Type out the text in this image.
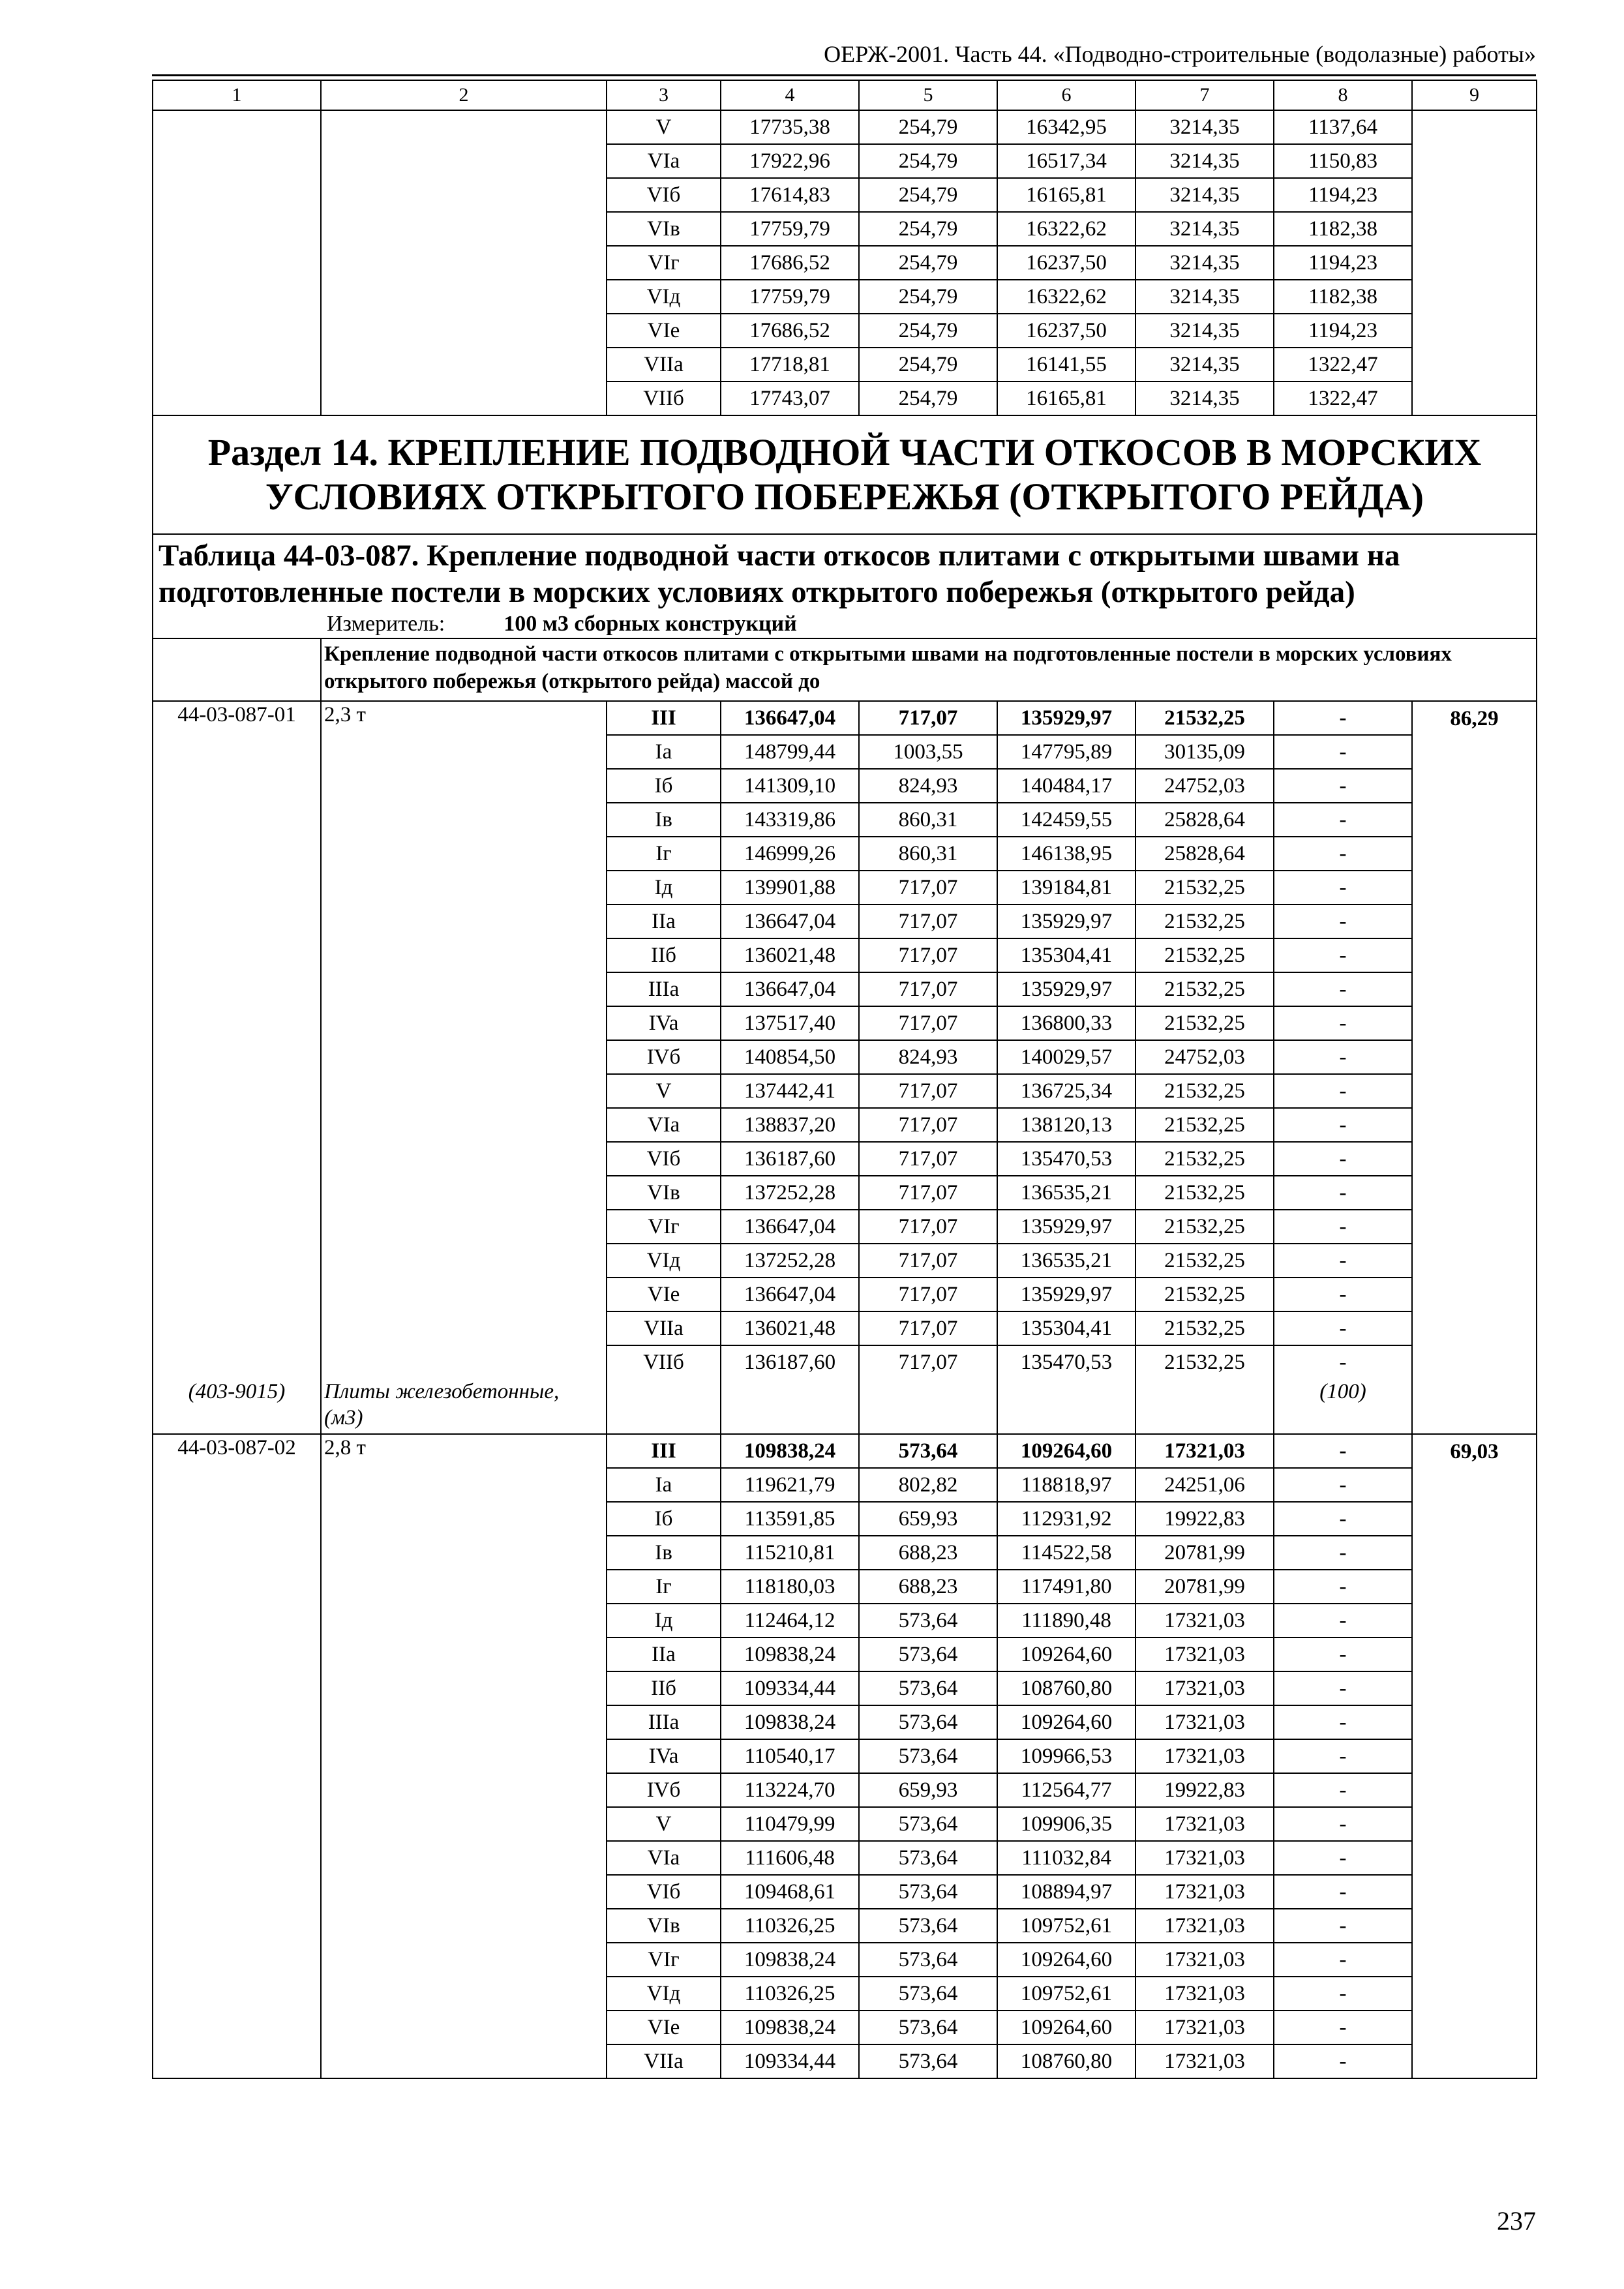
ОЕРЖ-2001. Часть 44. «Подводно-строительные (водолазные) работы»
1	2	3	4	5	6	7	8	9
		V	17735,38	254,79	16342,95	3214,35	1137,64	
		VIa	17922,96	254,79	16517,34	3214,35	1150,83	
		VIб	17614,83	254,79	16165,81	3214,35	1194,23	
		VIв	17759,79	254,79	16322,62	3214,35	1182,38	
		VIг	17686,52	254,79	16237,50	3214,35	1194,23	
		VIд	17759,79	254,79	16322,62	3214,35	1182,38	
		VIe	17686,52	254,79	16237,50	3214,35	1194,23	
		VIIa	17718,81	254,79	16141,55	3214,35	1322,47	
		VIIб	17743,07	254,79	16165,81	3214,35	1322,47	
Раздел 14. КРЕПЛЕНИЕ ПОДВОДНОЙ ЧАСТИ ОТКОСОВ В МОРСКИХ УСЛОВИЯХ ОТКРЫТОГО ПОБЕРЕЖЬЯ (ОТКРЫТОГО РЕЙДА)								

Таблица 44-03-087. Крепление подводной части откосов плитами с открытыми швами на подготовленные постели в морских условиях открытого побережья (открытого рейда)
Измеритель: 100 м3 сборных конструкций								

	Крепление подводной части откосов плитами с открытыми швами на подготовленные постели в морских условиях открытого побережья (открытого рейда) массой до							
44-03-087-01	2,3 т	III	136647,04	717,07	135929,97	21532,25	-	86,29
		Ia	148799,44	1003,55	147795,89	30135,09	-	
		Iб	141309,10	824,93	140484,17	24752,03	-	
		Iв	143319,86	860,31	142459,55	25828,64	-	
		Iг	146999,26	860,31	146138,95	25828,64	-	
		Iд	139901,88	717,07	139184,81	21532,25	-	
		IIa	136647,04	717,07	135929,97	21532,25	-	
		IIб	136021,48	717,07	135304,41	21532,25	-	
		IIIa	136647,04	717,07	135929,97	21532,25	-	
		IVa	137517,40	717,07	136800,33	21532,25	-	
		IVб	140854,50	824,93	140029,57	24752,03	-	
		V	137442,41	717,07	136725,34	21532,25	-	
		VIa	138837,20	717,07	138120,13	21532,25	-	
		VIб	136187,60	717,07	135470,53	21532,25	-	
		VIв	137252,28	717,07	136535,21	21532,25	-	
		VIг	136647,04	717,07	135929,97	21532,25	-	
		VIд	137252,28	717,07	136535,21	21532,25	-	
		VIe	136647,04	717,07	135929,97	21532,25	-	
		VIIa	136021,48	717,07	135304,41	21532,25	-	
		VIIб	136187,60	717,07	135470,53	21532,25	-	
(403-9015)	Плиты железобетонные, (м3)						(100)	
44-03-087-02	2,8 т	III	109838,24	573,64	109264,60	17321,03	-	69,03
		Ia	119621,79	802,82	118818,97	24251,06	-	
		Iб	113591,85	659,93	112931,92	19922,83	-	
		Iв	115210,81	688,23	114522,58	20781,99	-	
		Iг	118180,03	688,23	117491,80	20781,99	-	
		Iд	112464,12	573,64	111890,48	17321,03	-	
		IIa	109838,24	573,64	109264,60	17321,03	-	
		IIб	109334,44	573,64	108760,80	17321,03	-	
		IIIa	109838,24	573,64	109264,60	17321,03	-	
		IVa	110540,17	573,64	109966,53	17321,03	-	
		IVб	113224,70	659,93	112564,77	19922,83	-	
		V	110479,99	573,64	109906,35	17321,03	-	
		VIa	111606,48	573,64	111032,84	17321,03	-	
		VIб	109468,61	573,64	108894,97	17321,03	-	
		VIв	110326,25	573,64	109752,61	17321,03	-	
		VIг	109838,24	573,64	109264,60	17321,03	-	
		VIд	110326,25	573,64	109752,61	17321,03	-	
		VIe	109838,24	573,64	109264,60	17321,03	-	
		VIIa	109334,44	573,64	108760,80	17321,03	-	
237
